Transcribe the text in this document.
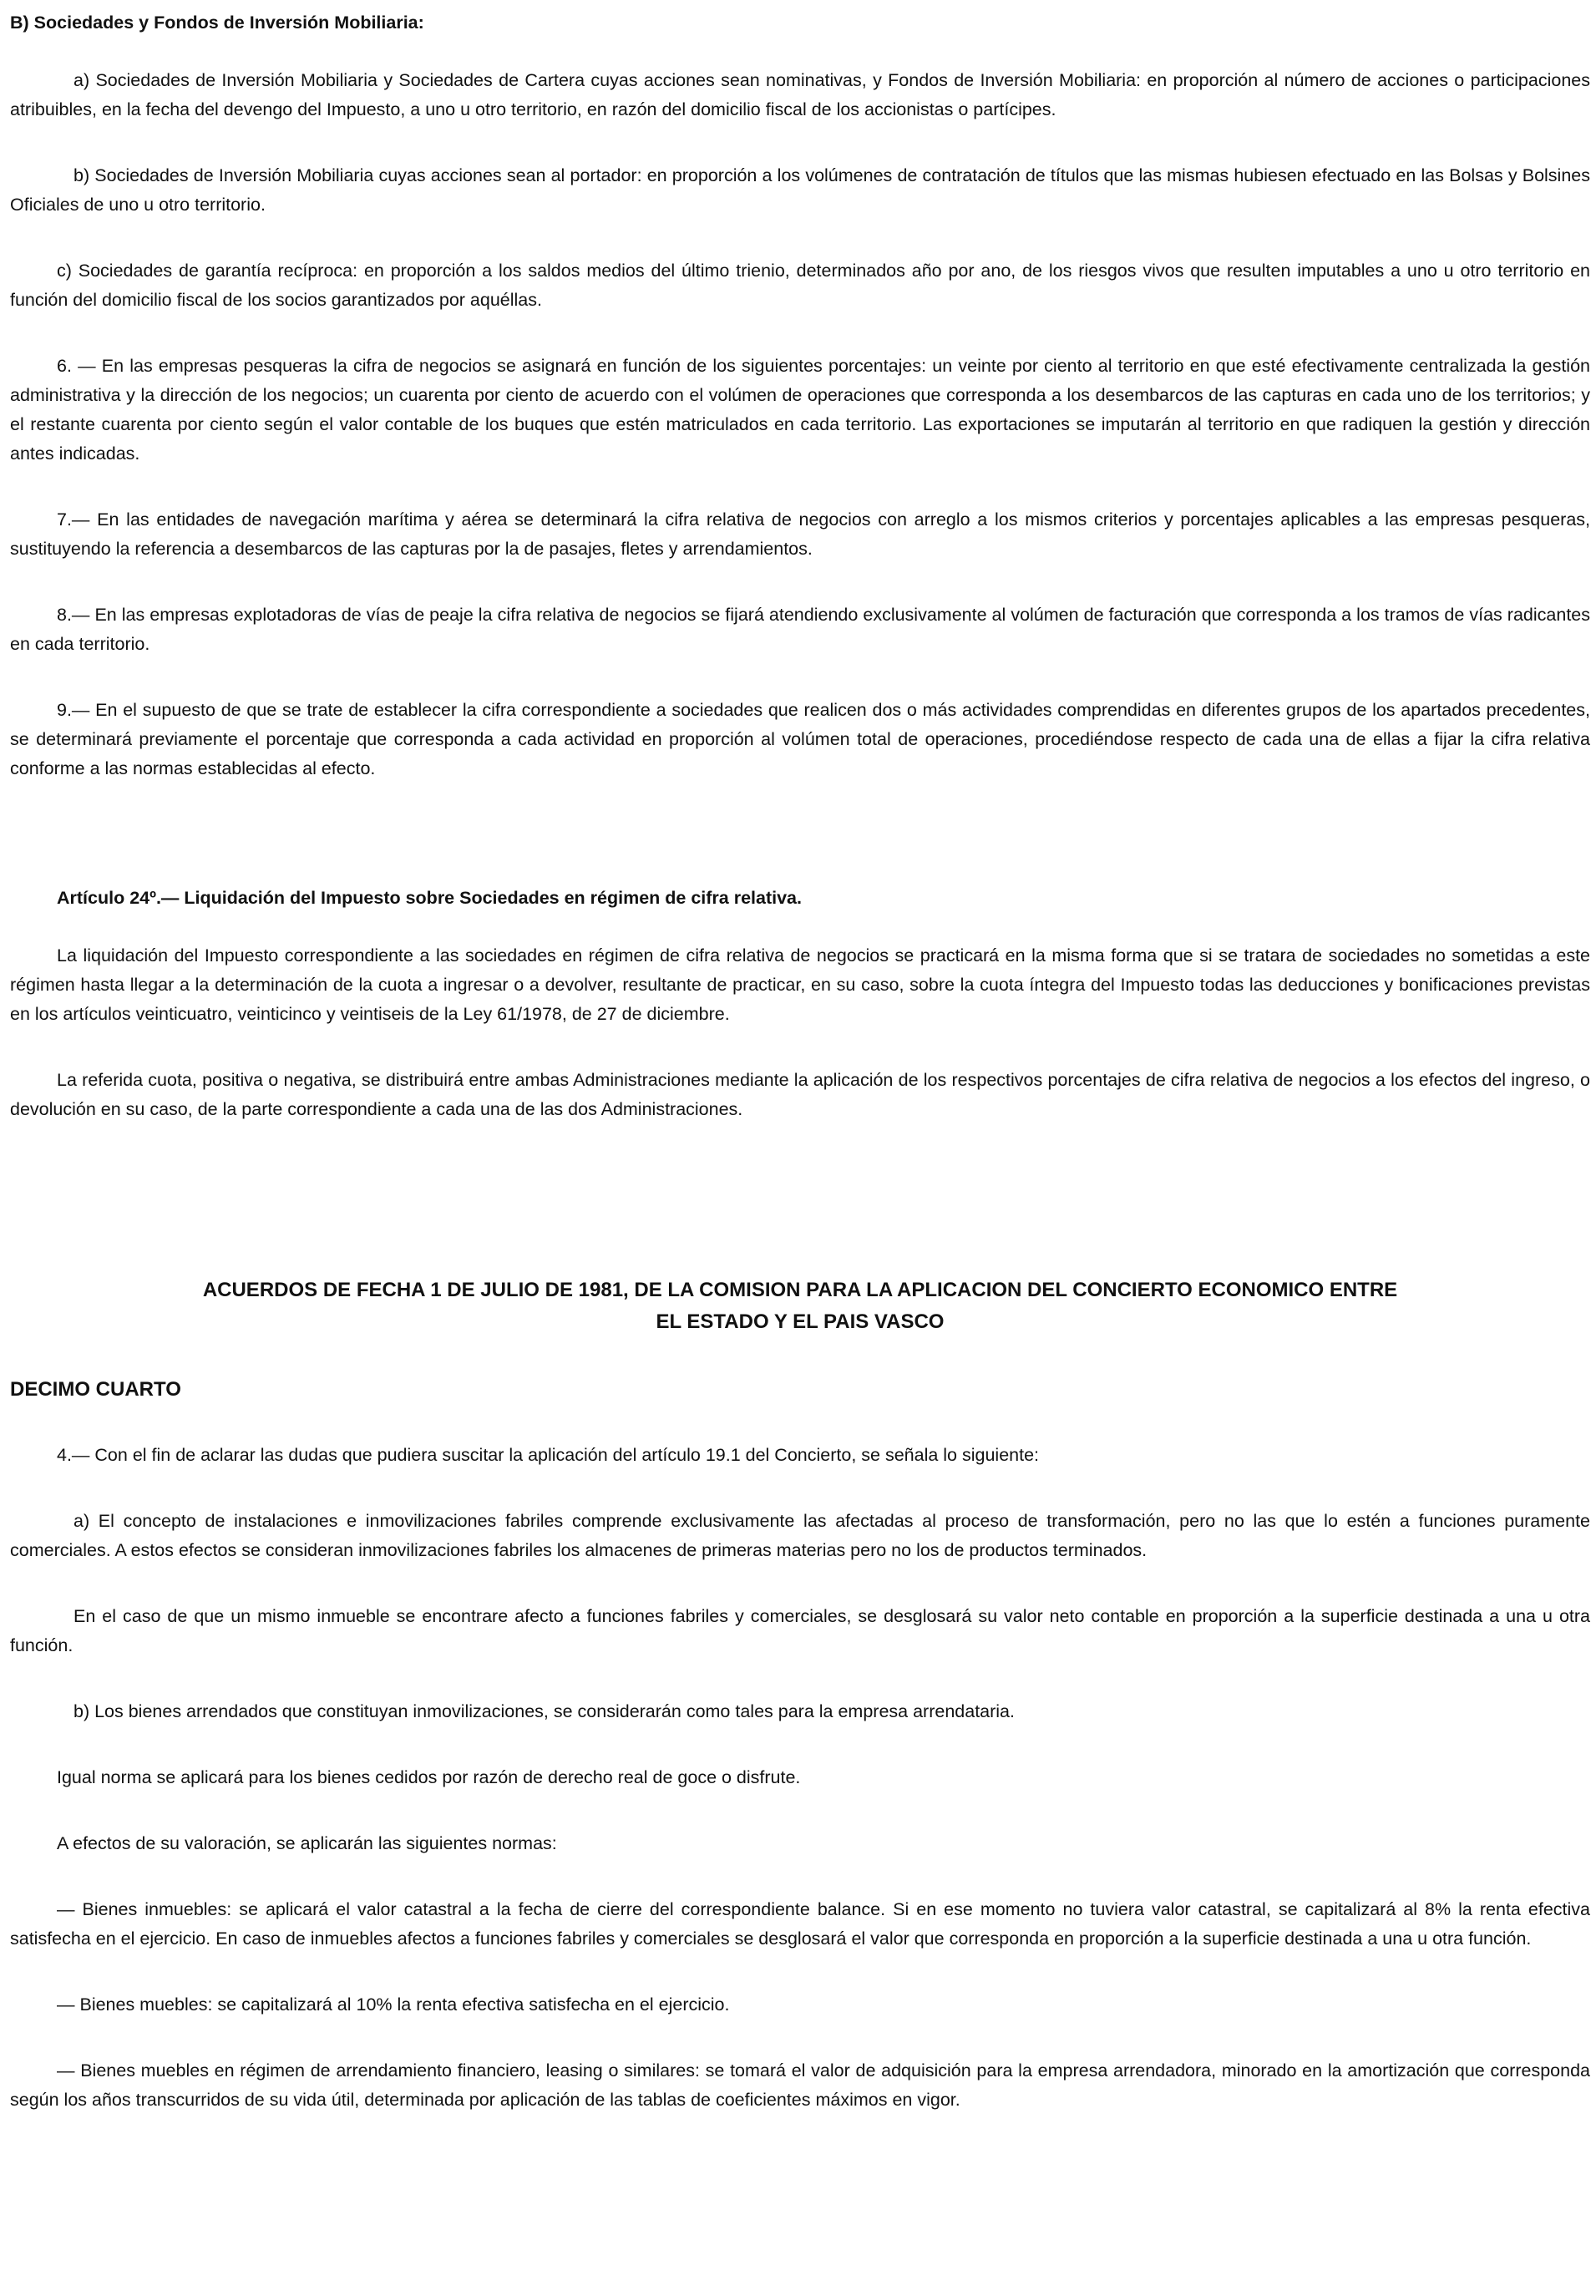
B) Sociedades y Fondos de Inversión Mobiliaria:

a) Sociedades de Inversión Mobiliaria y Sociedades de Cartera cuyas acciones sean nominativas, y Fondos de Inversión Mobiliaria: en proporción al número de acciones o participaciones atribuibles, en la fecha del devengo del Impuesto, a uno u otro territorio, en razón del domicilio fiscal de los accionistas o partícipes.

b) Sociedades de Inversión Mobiliaria cuyas acciones sean al portador: en proporción a los volúmenes de contratación de títulos que las mismas hubiesen efectuado en las Bolsas y Bolsines Oficiales de uno u otro territorio.

c) Sociedades de garantía recíproca: en proporción a los saldos medios del último trienio, determinados año por ano, de los riesgos vivos que resulten imputables a uno u otro territorio en función del domicilio fiscal de los socios garantizados por aquéllas.

6. — En las empresas pesqueras la cifra de negocios se asignará en función de los siguientes porcentajes: un veinte por ciento al territorio en que esté efectivamente centralizada la gestión administrativa y la dirección de los negocios; un cuarenta por ciento de acuerdo con el volúmen de operaciones que corresponda a los desembarcos de las capturas en cada uno de los territorios; y el restante cuarenta por ciento según el valor contable de los buques que estén matriculados en cada territorio. Las exportaciones se imputarán al territorio en que radiquen la gestión y dirección antes indicadas.

7.— En las entidades de navegación marítima y aérea se determinará la cifra relativa de negocios con arreglo a los mismos criterios y porcentajes aplicables a las empresas pesqueras, sustituyendo la referencia a desembarcos de las capturas por la de pasajes, fletes y arrendamientos.

8.— En las empresas explotadoras de vías de peaje la cifra relativa de negocios se fijará atendiendo exclusivamente al volúmen de facturación que corresponda a los tramos de vías radicantes en cada territorio.

9.— En el supuesto de que se trate de establecer la cifra correspondiente a sociedades que realicen dos o más actividades comprendidas en diferentes grupos de los apartados precedentes, se determinará previamente el porcentaje que corresponda a cada actividad en proporción al volúmen total de operaciones, procediéndose respecto de cada una de ellas a fijar la cifra relativa conforme a las normas establecidas al efecto.

Artículo 24º.— Liquidación del Impuesto sobre Sociedades en régimen de cifra relativa.

La liquidación del Impuesto correspondiente a las sociedades en régimen de cifra relativa de negocios se practicará en la misma forma que si se tratara de sociedades no sometidas a este régimen hasta llegar a la determinación de la cuota a ingresar o a devolver, resultante de practicar, en su caso, sobre la cuota íntegra del Impuesto todas las deducciones y bonificaciones previstas en los artículos veinticuatro, veinticinco y veintiseis de la Ley 61/1978, de 27 de diciembre.

La referida cuota, positiva o negativa, se distribuirá entre ambas Administraciones mediante la aplicación de los respectivos porcentajes de cifra relativa de negocios a los efectos del ingreso, o devolución en su caso, de la parte correspondiente a cada una de las dos Administraciones.

ACUERDOS DE FECHA 1 DE JULIO DE 1981, DE LA COMISION PARA LA APLICACION DEL CONCIERTO ECONOMICO ENTRE
EL ESTADO Y EL PAIS VASCO

DECIMO CUARTO

4.— Con el fin de aclarar las dudas que pudiera suscitar la aplicación del artículo 19.1 del Concierto, se señala lo siguiente:

a) El concepto de instalaciones e inmovilizaciones fabriles comprende exclusivamente las afectadas al proceso de transformación, pero no las que lo estén a funciones puramente comerciales. A estos efectos se consideran inmovilizaciones fabriles los almacenes de primeras materias pero no los de productos terminados.

En el caso de que un mismo inmueble se encontrare afecto a funciones fabriles y comerciales, se desglosará su valor neto contable en proporción a la superficie destinada a una u otra función.

b) Los bienes arrendados que constituyan inmovilizaciones, se considerarán como tales para la empresa arrendataria.

Igual norma se aplicará para los bienes cedidos por razón de derecho real de goce o disfrute.

A efectos de su valoración, se aplicarán las siguientes normas:

— Bienes inmuebles: se aplicará el valor catastral a la fecha de cierre del correspondiente balance. Si en ese momento no tuviera valor catastral, se capitalizará al 8% la renta efectiva satisfecha en el ejercicio. En caso de inmuebles afectos a funciones fabriles y comerciales se desglosará el valor que corresponda en proporción a la superficie destinada a una u otra función.

— Bienes muebles: se capitalizará al 10% la renta efectiva satisfecha en el ejercicio.

— Bienes muebles en régimen de arrendamiento financiero, leasing o similares: se tomará el valor de adquisición para la empresa arrendadora, minorado en la amortización que corresponda según los años transcurridos de su vida útil, determinada por aplicación de las tablas de coeficientes máximos en vigor.
